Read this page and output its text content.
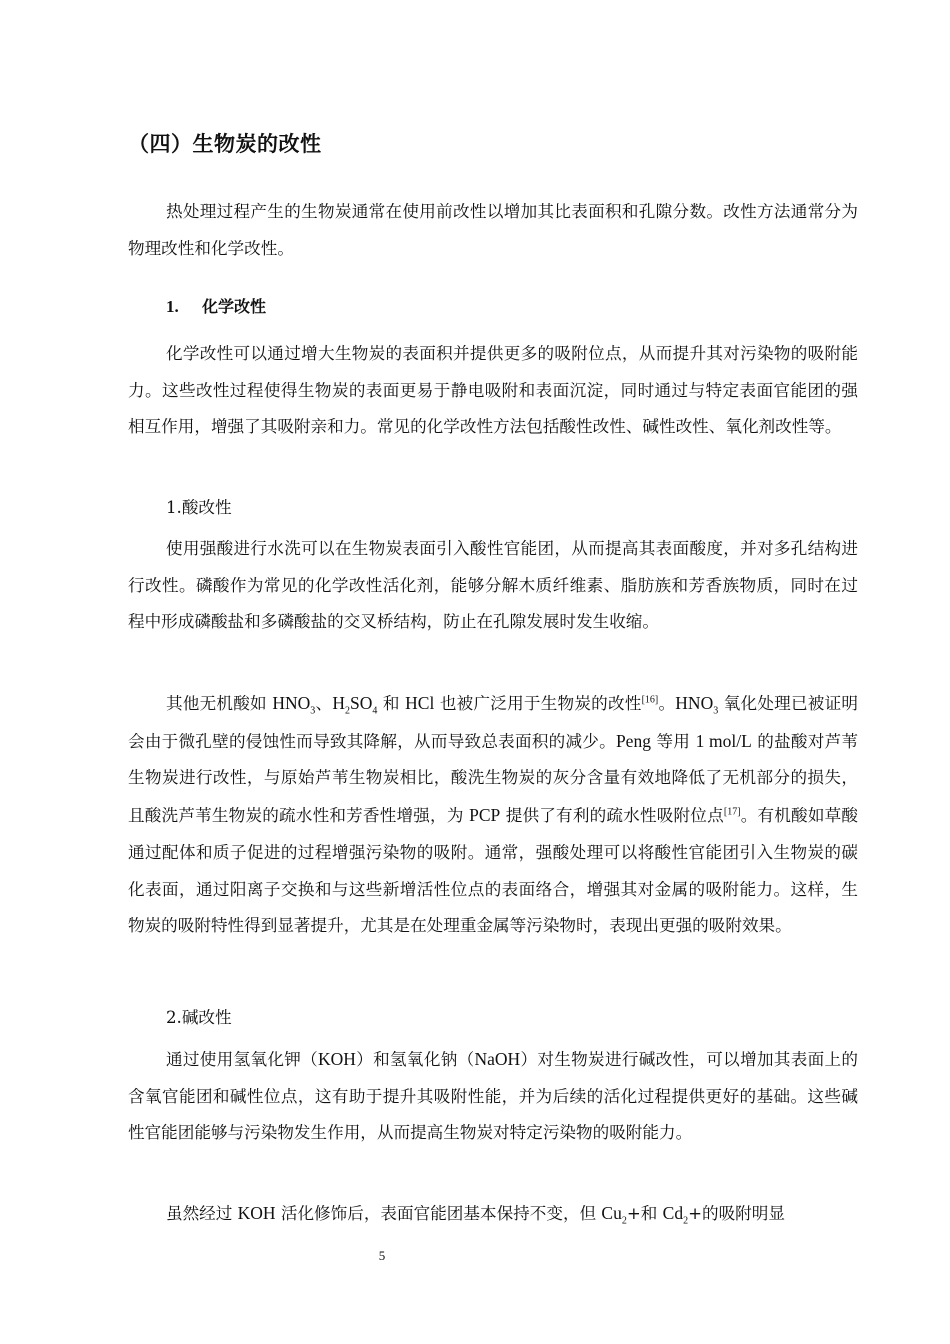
（四）生物炭的改性

热处理过程产生的生物炭通常在使用前改性以增加其比表面积和孔隙分数。改性方法通常分为物理改性和化学改性。

1. 化学改性

化学改性可以通过增大生物炭的表面积并提供更多的吸附位点，从而提升其对污染物的吸附能力。这些改性过程使得生物炭的表面更易于静电吸附和表面沉淀，同时通过与特定表面官能团的强相互作用，增强了其吸附亲和力。常见的化学改性方法包括酸性改性、碱性改性、氧化剂改性等。

1.酸改性

使用强酸进行水洗可以在生物炭表面引入酸性官能团，从而提高其表面酸度，并对多孔结构进行改性。磷酸作为常见的化学改性活化剂，能够分解木质纤维素、脂肪族和芳香族物质，同时在过程中形成磷酸盐和多磷酸盐的交叉桥结构，防止在孔隙发展时发生收缩。

其他无机酸如 $HNO_3$、$H_2SO_4$ 和 HCl 也被广泛用于生物炭的改性[16]。$HNO_3$ 氧化处理已被证明会由于微孔壁的侵蚀性而导致其降解，从而导致总表面积的减少。Peng 等用 1 mol/L 的盐酸对芦苇生物炭进行改性，与原始芦苇生物炭相比，酸洗生物炭的灰分含量有效地降低了无机部分的损失，且酸洗芦苇生物炭的疏水性和芳香性增强，为 PCP 提供了有利的疏水性吸附位点[17]。有机酸如草酸通过配体和质子促进的过程增强污染物的吸附。通常，强酸处理可以将酸性官能团引入生物炭的碳化表面，通过阳离子交换和与这些新增活性位点的表面络合，增强其对金属的吸附能力。这样，生物炭的吸附特性得到显著提升，尤其是在处理重金属等污染物时，表现出更强的吸附效果。

2.碱改性

通过使用氢氧化钾（KOH）和氢氧化钠（NaOH）对生物炭进行碱改性，可以增加其表面上的含氧官能团和碱性位点，这有助于提升其吸附性能，并为后续的活化过程提供更好的基础。这些碱性官能团能够与污染物发生作用，从而提高生物炭对特定污染物的吸附能力。

虽然经过 KOH 活化修饰后，表面官能团基本保持不变，但 $Cu_2+$和 $Cd_2+$的吸附明显

5
